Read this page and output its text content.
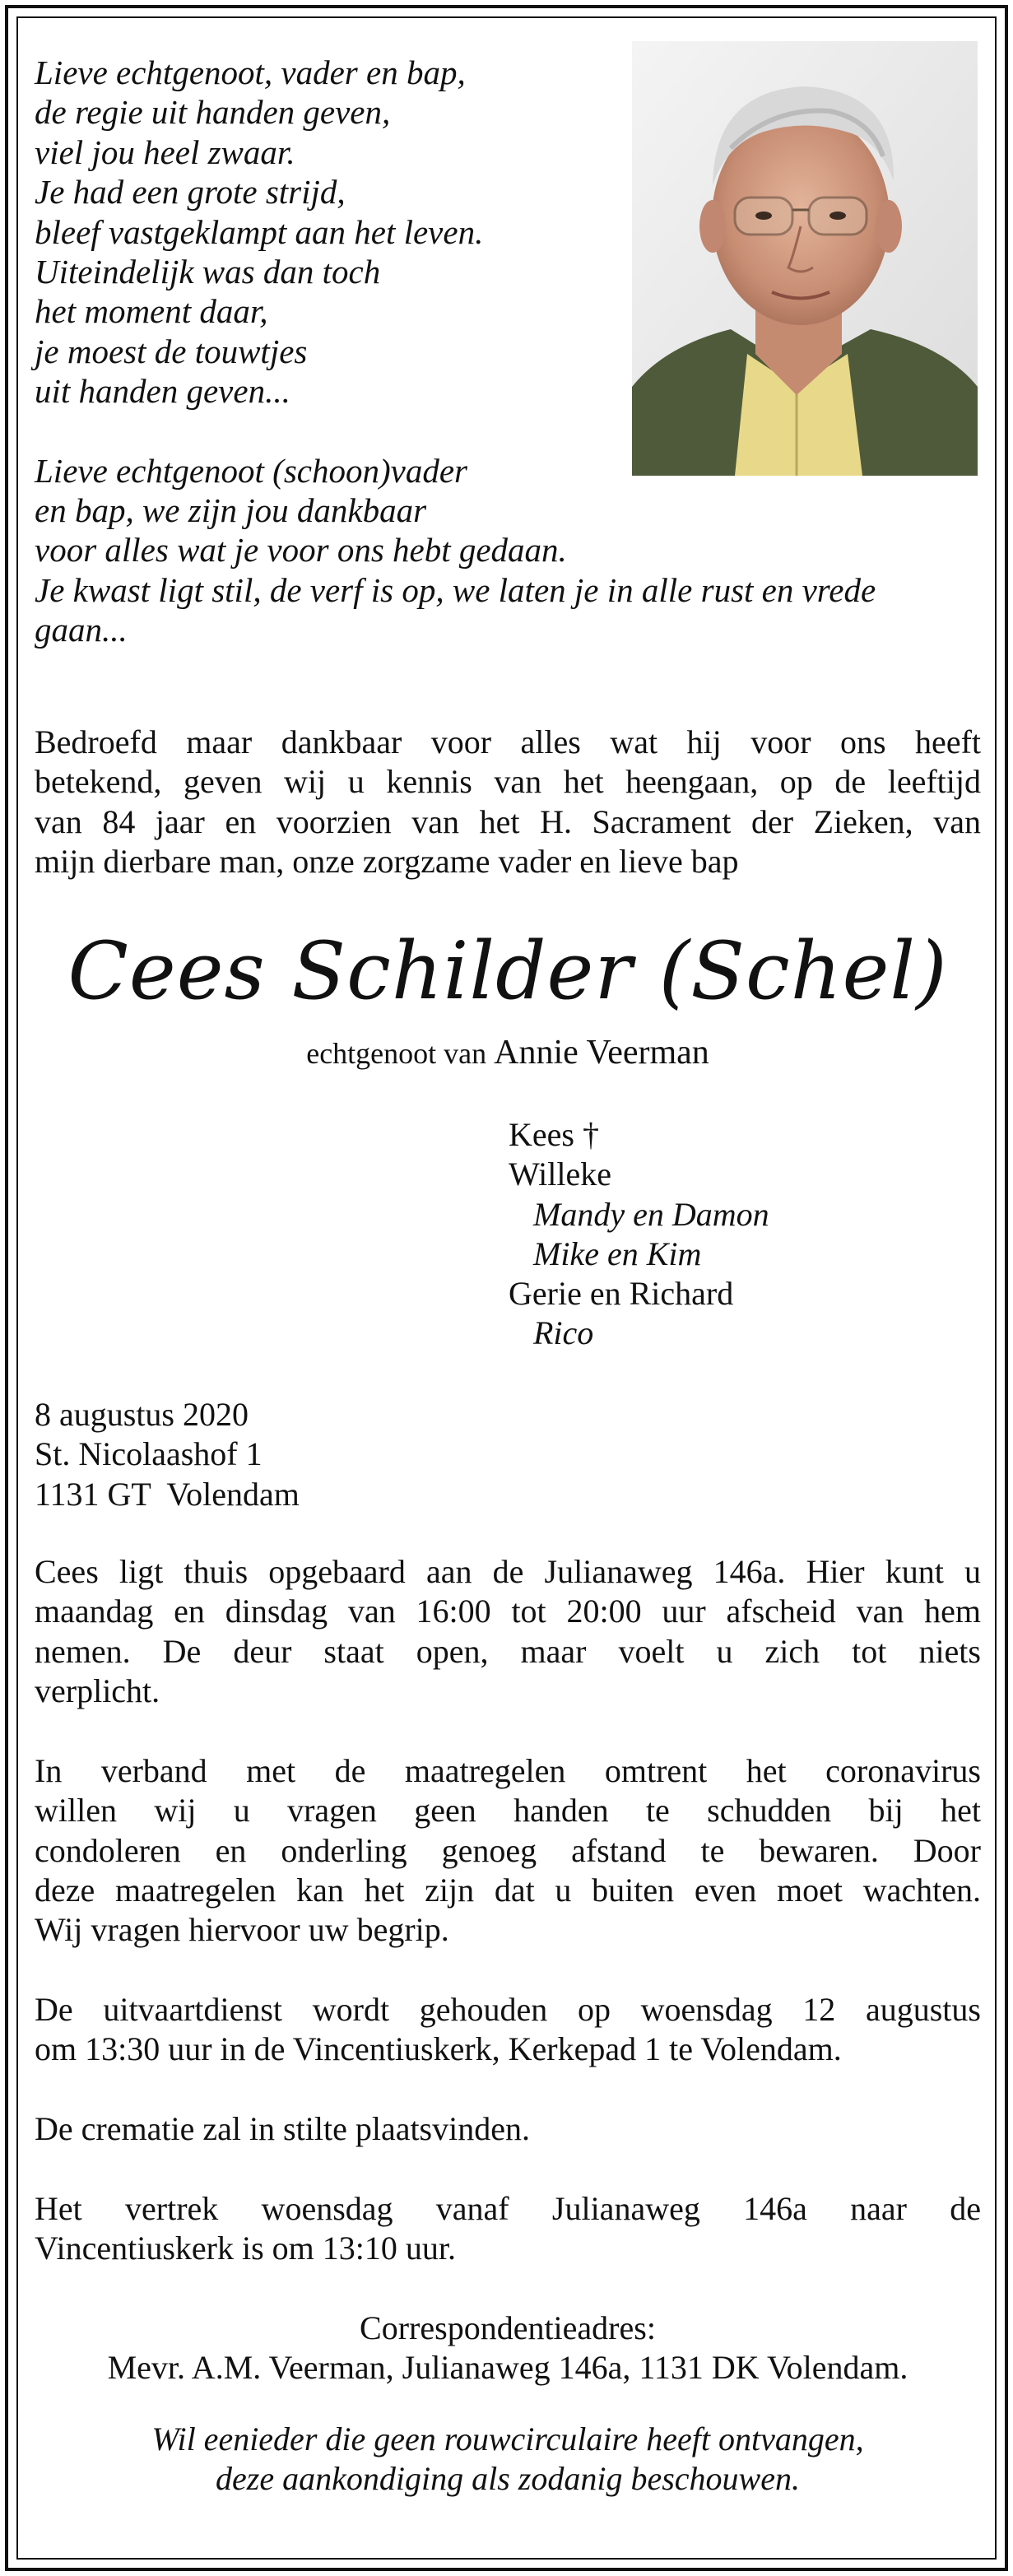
Lieve echtgenoot, vader en bap,
de regie uit handen geven,
viel jou heel zwaar.
Je had een grote strijd,
bleef vastgeklampt aan het leven.
Uiteindelijk was dan toch
het moment daar,
je moest de touwtjes
uit handen geven...
Lieve echtgenoot (schoon)vader
en bap, we zijn jou dankbaar
voor alles wat je voor ons hebt gedaan.
Je kwast ligt stil, de verf is op, we laten je in alle rust en vrede
gaan...
Bedroefd maar dankbaar voor alles wat hij voor ons heeft
betekend, geven wij u kennis van het heengaan, op de leeftijd
van 84 jaar en voorzien van het H. Sacrament der Zieken, van
mijn dierbare man, onze zorgzame vader en lieve bap
Cees Schilder (Schel)
echtgenoot van Annie Veerman
Kees †
Willeke
Mandy en Damon
Mike en Kim
Gerie en Richard
Rico
8 augustus 2020
St. Nicolaashof 1
1131 GT  Volendam
Cees ligt thuis opgebaard aan de Julianaweg 146a. Hier kunt u
maandag en dinsdag van 16:00 tot 20:00 uur afscheid van hem
nemen. De deur staat open, maar voelt u zich tot niets
verplicht.
In verband met de maatregelen omtrent het coronavirus
willen wij u vragen geen handen te schudden bij het
condoleren en onderling genoeg afstand te bewaren. Door
deze maatregelen kan het zijn dat u buiten even moet wachten.
Wij vragen hiervoor uw begrip.
De uitvaartdienst wordt gehouden op woensdag 12 augustus
om 13:30 uur in de Vincentiuskerk, Kerkepad 1 te Volendam.
De crematie zal in stilte plaatsvinden.
Het vertrek woensdag vanaf Julianaweg 146a naar de
Vincentiuskerk is om 13:10 uur.
Correspondentieadres:
Mevr. A.M. Veerman, Julianaweg 146a, 1131 DK Volendam.
Wil eenieder die geen rouwcirculaire heeft ontvangen,
deze aankondiging als zodanig beschouwen.
